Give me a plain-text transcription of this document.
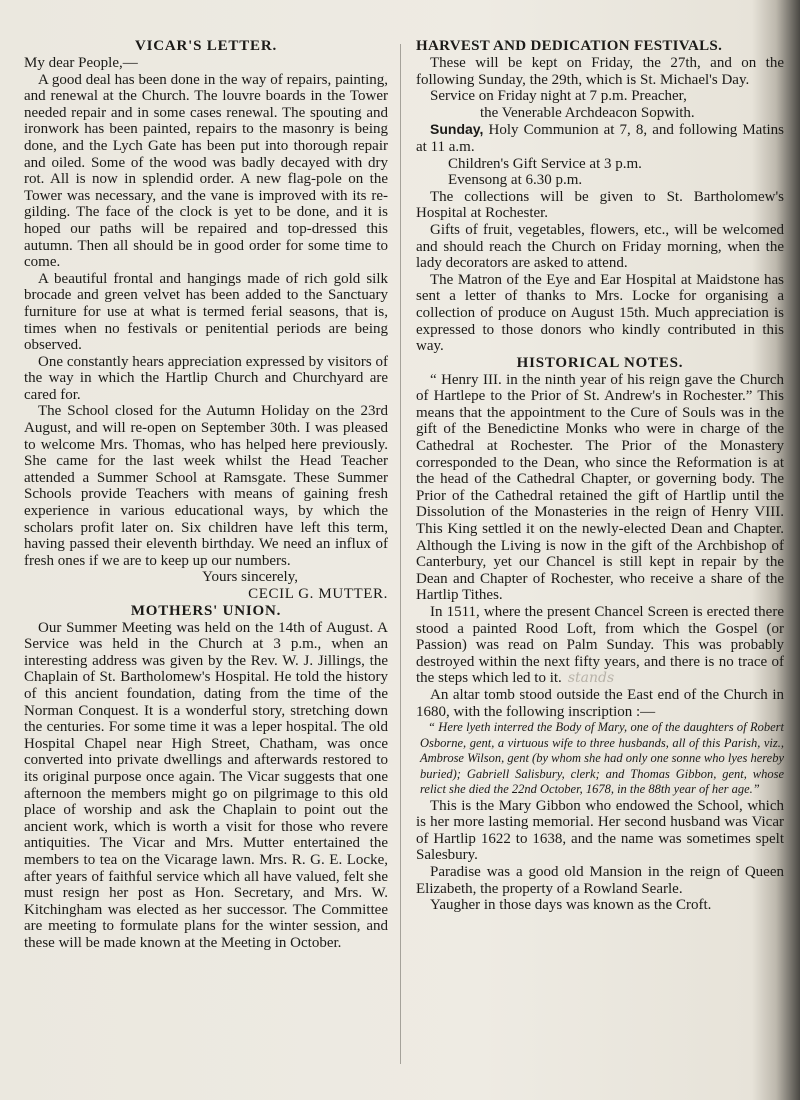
VICAR'S LETTER.

My dear People,—

A good deal has been done in the way of repairs, painting, and renewal at the Church. The louvre boards in the Tower needed repair and in some cases renewal. The spouting and ironwork has been painted, repairs to the masonry is being done, and the Lych Gate has been put into thorough repair and oiled. Some of the wood was badly decayed with dry rot. All is now in splendid order. A new flag-pole on the Tower was necessary, and the vane is improved with its re-gilding. The face of the clock is yet to be done, and it is hoped our paths will be repaired and top-dressed this autumn. Then all should be in good order for some time to come.

A beautiful frontal and hangings made of rich gold silk brocade and green velvet has been added to the Sanctuary furniture for use at what is termed ferial seasons, that is, times when no festivals or penitential periods are being observed.

One constantly hears appreciation expressed by visitors of the way in which the Hartlip Church and Churchyard are cared for.

The School closed for the Autumn Holiday on the 23rd August, and will re-open on September 30th. I was pleased to welcome Mrs. Thomas, who has helped here previously. She came for the last week whilst the Head Teacher attended a Summer School at Ramsgate. These Summer Schools provide Teachers with means of gaining fresh experience in various educational ways, by which the scholars profit later on. Six children have left this term, having passed their eleventh birthday. We need an influx of fresh ones if we are to keep up our numbers.

Yours sincerely,

CECIL G. MUTTER.

MOTHERS' UNION.

Our Summer Meeting was held on the 14th of August. A Service was held in the Church at 3 p.m., when an interesting address was given by the Rev. W. J. Jillings, the Chaplain of St. Bartholomew's Hospital. He told the history of this ancient foundation, dating from the time of the Norman Conquest. It is a wonderful story, stretching down the centuries. For some time it was a leper hospital. The old Hospital Chapel near High Street, Chatham, was once converted into private dwellings and afterwards restored to its original purpose once again. The Vicar suggests that one afternoon the members might go on pilgrimage to this old place of worship and ask the Chaplain to point out the ancient work, which is worth a visit for those who revere antiquities. The Vicar and Mrs. Mutter entertained the members to tea on the Vicarage lawn. Mrs. R. G. E. Locke, after years of faithful service which all have valued, felt she must resign her post as Hon. Secretary, and Mrs. W. Kitchingham was elected as her successor. The Committee are meeting to formulate plans for the winter session, and these will be made known at the Meeting in October.

HARVEST AND DEDICATION FESTIVALS.

These will be kept on Friday, the 27th, and on the following Sunday, the 29th, which is St. Michael's Day.

Service on Friday night at 7 p.m. Preacher,

the Venerable Archdeacon Sopwith.

Sunday, Holy Communion at 7, 8, and following Matins at 11 a.m.

Children's Gift Service at 3 p.m.

Evensong at 6.30 p.m.

The collections will be given to St. Bartholomew's Hospital at Rochester.

Gifts of fruit, vegetables, flowers, etc., will be welcomed and should reach the Church on Friday morning, when the lady decorators are asked to attend.

The Matron of the Eye and Ear Hospital at Maidstone has sent a letter of thanks to Mrs. Locke for organising a collection of produce on August 15th. Much appreciation is expressed to those donors who kindly contributed in this way.

HISTORICAL NOTES.

“ Henry III. in the ninth year of his reign gave the Church of Hartlepe to the Prior of St. Andrew's in Rochester.” This means that the appointment to the Cure of Souls was in the gift of the Benedictine Monks who were in charge of the Cathedral at Rochester. The Prior of the Monastery corresponded to the Dean, who since the Reformation is at the head of the Cathedral Chapter, or governing body. The Prior of the Cathedral retained the gift of Hartlip until the Dissolution of the Monasteries in the reign of Henry VIII. This King settled it on the newly-elected Dean and Chapter. Although the Living is now in the gift of the Archbishop of Canterbury, yet our Chancel is still kept in repair by the Dean and Chapter of Rochester, who receive a share of the Hartlip Tithes.

In 1511, where the present Chancel Screen is erected there stood a painted Rood Loft, from which the Gospel (or Passion) was read on Palm Sunday. This was probably destroyed within the next fifty years, and there is no trace of the steps which led to it. stands

An altar tomb stood outside the East end of the Church in 1680, with the following inscription :—

“ Here lyeth interred the Body of Mary, one of the daughters of Robert Osborne, gent, a virtuous wife to three husbands, all of this Parish, viz., Ambrose Wilson, gent (by whom she had only one sonne who lyes hereby buried); Gabriell Salisbury, clerk; and Thomas Gibbon, gent, whose relict she died the 22nd October, 1678, in the 88th year of her age.”

This is the Mary Gibbon who endowed the School, which is her more lasting memorial. Her second husband was Vicar of Hartlip 1622 to 1638, and the name was sometimes spelt Salesbury.

Paradise was a good old Mansion in the reign of Queen Elizabeth, the property of a Rowland Searle.

Yaugher in those days was known as the Croft.
